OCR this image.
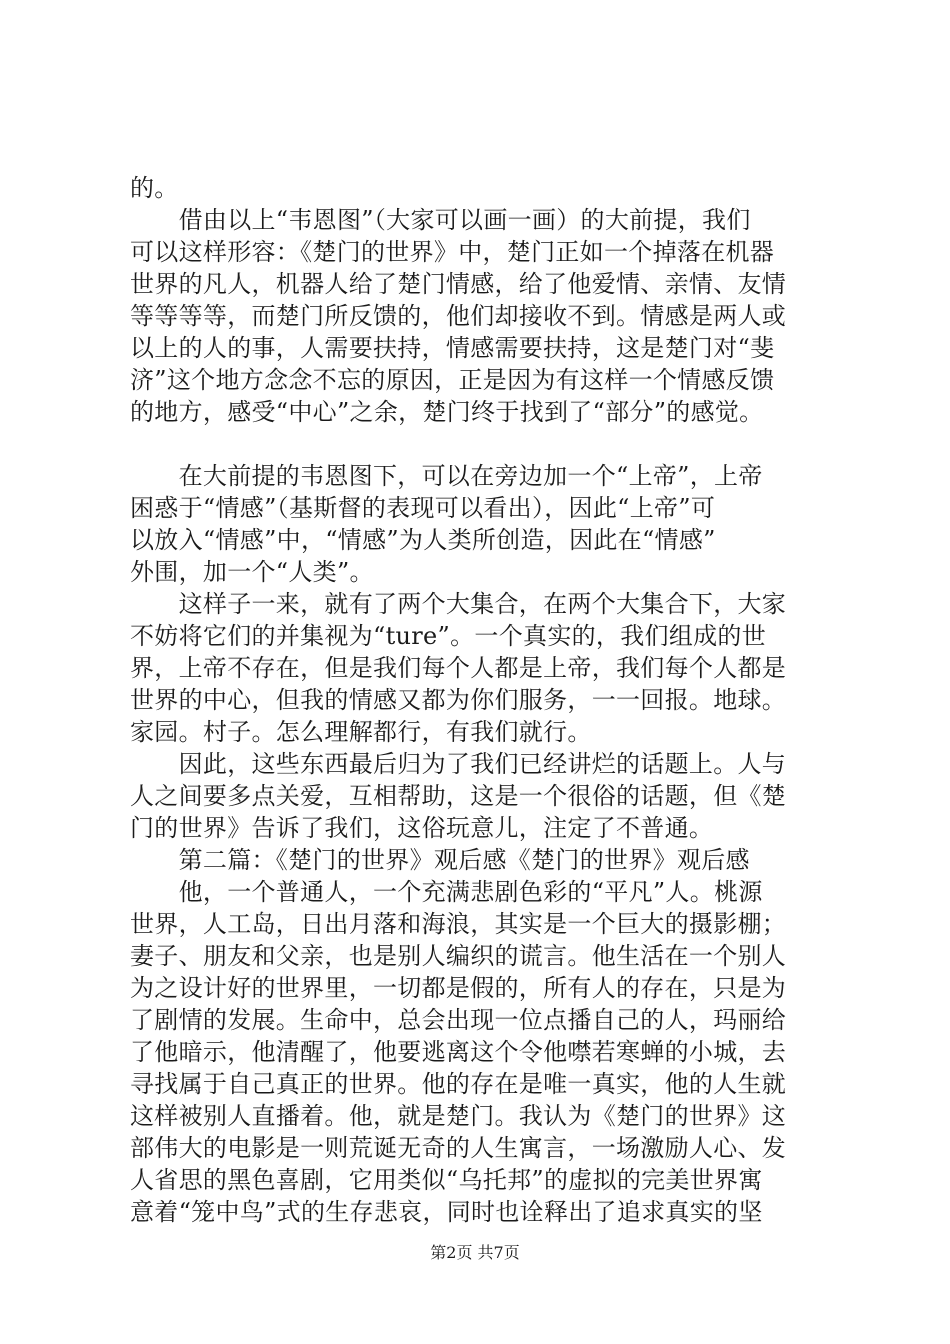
的。
　　借由以上“韦恩图”（大家可以画一画）的大前提，我们
可以这样形容：《楚门的世界》中，楚门正如一个掉落在机器
世界的凡人，机器人给了楚门情感，给了他爱情、亲情、友情
等等等等，而楚门所反馈的，他们却接收不到。情感是两人或
以上的人的事，人需要扶持，情感需要扶持，这是楚门对“斐
济”这个地方念念不忘的原因，正是因为有这样一个情感反馈
的地方，感受“中心”之余，楚门终于找到了“部分”的感觉。
　　在大前提的韦恩图下，可以在旁边加一个“上帝”，上帝
困惑于“情感”（基斯督的表现可以看出），因此“上帝”可
以放入“情感”中，“情感”为人类所创造，因此在“情感”
外围，加一个“人类”。
　　这样子一来，就有了两个大集合，在两个大集合下，大家
不妨将它们的并集视为“ture”。一个真实的，我们组成的世
界，上帝不存在，但是我们每个人都是上帝，我们每个人都是
世界的中心，但我的情感又都为你们服务，一一回报。地球。
家园。村子。怎么理解都行，有我们就行。
　　因此，这些东西最后归为了我们已经讲烂的话题上。人与
人之间要多点关爱，互相帮助，这是一个很俗的话题，但《楚
门的世界》告诉了我们，这俗玩意儿，注定了不普通。
　　第二篇：《楚门的世界》观后感《楚门的世界》观后感
　　他，一个普通人，一个充满悲剧色彩的“平凡”人。桃源
世界，人工岛，日出月落和海浪，其实是一个巨大的摄影棚；
妻子、朋友和父亲，也是别人编织的谎言。他生活在一个别人
为之设计好的世界里，一切都是假的，所有人的存在，只是为
了剧情的发展。生命中，总会出现一位点播自己的人，玛丽给
了他暗示，他清醒了，他要逃离这个令他噤若寒蝉的小城，去
寻找属于自己真正的世界。他的存在是唯一真实，他的人生就
这样被别人直播着。他，就是楚门。我认为《楚门的世界》这
部伟大的电影是一则荒诞无奇的人生寓言，一场激励人心、发
人省思的黑色喜剧，它用类似“乌托邦”的虚拟的完美世界寓
意着“笼中鸟”式的生存悲哀，同时也诠释出了追求真实的坚
第2页 共7页
